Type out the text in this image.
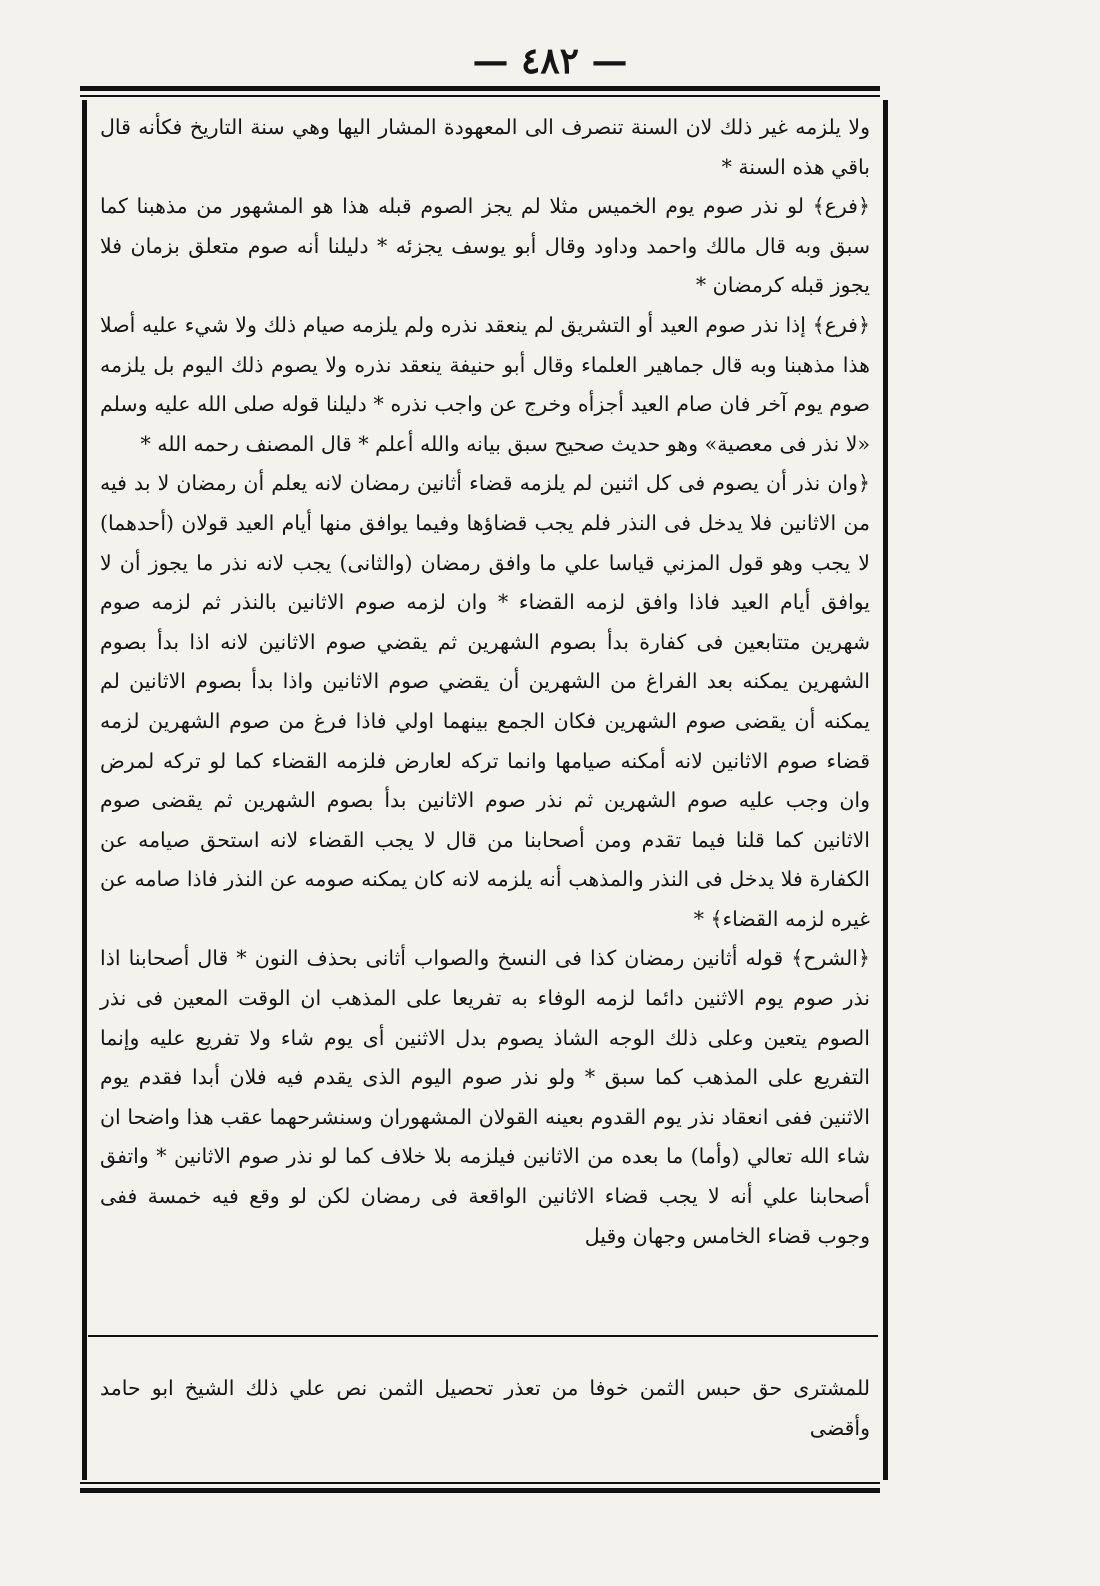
— ٤٨٢ —

ولا يلزمه غير ذلك لان السنة تنصرف الى المعهودة المشار اليها وهي سنة التاريخ فكأنه قال باقي هذه السنة *

﴿فرع﴾ لو نذر صوم يوم الخميس مثلا لم يجز الصوم قبله هذا هو المشهور من مذهبنا كما سبق وبه قال مالك واحمد وداود وقال أبو يوسف يجزئه * دليلنا أنه صوم متعلق بزمان فلا يجوز قبله كرمضان *

﴿فرع﴾ إذا نذر صوم العيد أو التشريق لم ينعقد نذره ولم يلزمه صيام ذلك ولا شيء عليه أصلا هذا مذهبنا وبه قال جماهير العلماء وقال أبو حنيفة ينعقد نذره ولا يصوم ذلك اليوم بل يلزمه صوم يوم آخر فان صام العيد أجزأه وخرج عن واجب نذره * دليلنا قوله صلى الله عليه وسلم «لا نذر فى معصية» وهو حديث صحيح سبق بيانه والله أعلم * قال المصنف رحمه الله *

﴿وان نذر أن يصوم فى كل اثنين لم يلزمه قضاء أثانين رمضان لانه يعلم أن رمضان لا بد فيه من الاثانين فلا يدخل فى النذر فلم يجب قضاؤها وفيما يوافق منها أيام العيد قولان (أحدهما) لا يجب وهو قول المزني قياسا علي ما وافق رمضان (والثانى) يجب لانه نذر ما يجوز أن لا يوافق أيام العيد فاذا وافق لزمه القضاء * وان لزمه صوم الاثانين بالنذر ثم لزمه صوم شهرين متتابعين فى كفارة بدأ بصوم الشهرين ثم يقضي صوم الاثانين لانه اذا بدأ بصوم الشهرين يمكنه بعد الفراغ من الشهرين أن يقضي صوم الاثانين واذا بدأ بصوم الاثانين لم يمكنه أن يقضى صوم الشهرين فكان الجمع بينهما اولي فاذا فرغ من صوم الشهرين لزمه قضاء صوم الاثانين لانه أمكنه صيامها وانما تركه لعارض فلزمه القضاء كما لو تركه لمرض وان وجب عليه صوم الشهرين ثم نذر صوم الاثانين بدأ بصوم الشهرين ثم يقضى صوم الاثانين كما قلنا فيما تقدم ومن أصحابنا من قال لا يجب القضاء لانه استحق صيامه عن الكفارة فلا يدخل فى النذر والمذهب أنه يلزمه لانه كان يمكنه صومه عن النذر فاذا صامه عن غيره لزمه القضاء﴾ *

﴿الشرح﴾ قوله أثانين رمضان كذا فى النسخ والصواب أثانى بحذف النون * قال أصحابنا اذا نذر صوم يوم الاثنين دائما لزمه الوفاء به تفريعا على المذهب ان الوقت المعين فى نذر الصوم يتعين وعلى ذلك الوجه الشاذ يصوم بدل الاثنين أى يوم شاء ولا تفريع عليه وإنما التفريع على المذهب كما سبق * ولو نذر صوم اليوم الذى يقدم فيه فلان أبدا فقدم يوم الاثنين ففى انعقاد نذر يوم القدوم بعينه القولان المشهوران وسنشرحهما عقب هذا واضحا ان شاء الله تعالي (وأما) ما بعده من الاثانين فيلزمه بلا خلاف كما لو نذر صوم الاثانين * واتفق أصحابنا علي أنه لا يجب قضاء الاثانين الواقعة فى رمضان لكن لو وقع فيه خمسة ففى وجوب قضاء الخامس وجهان وقيل

للمشترى حق حبس الثمن خوفا من تعذر تحصيل الثمن نص علي ذلك الشيخ ابو حامد وأقضى
